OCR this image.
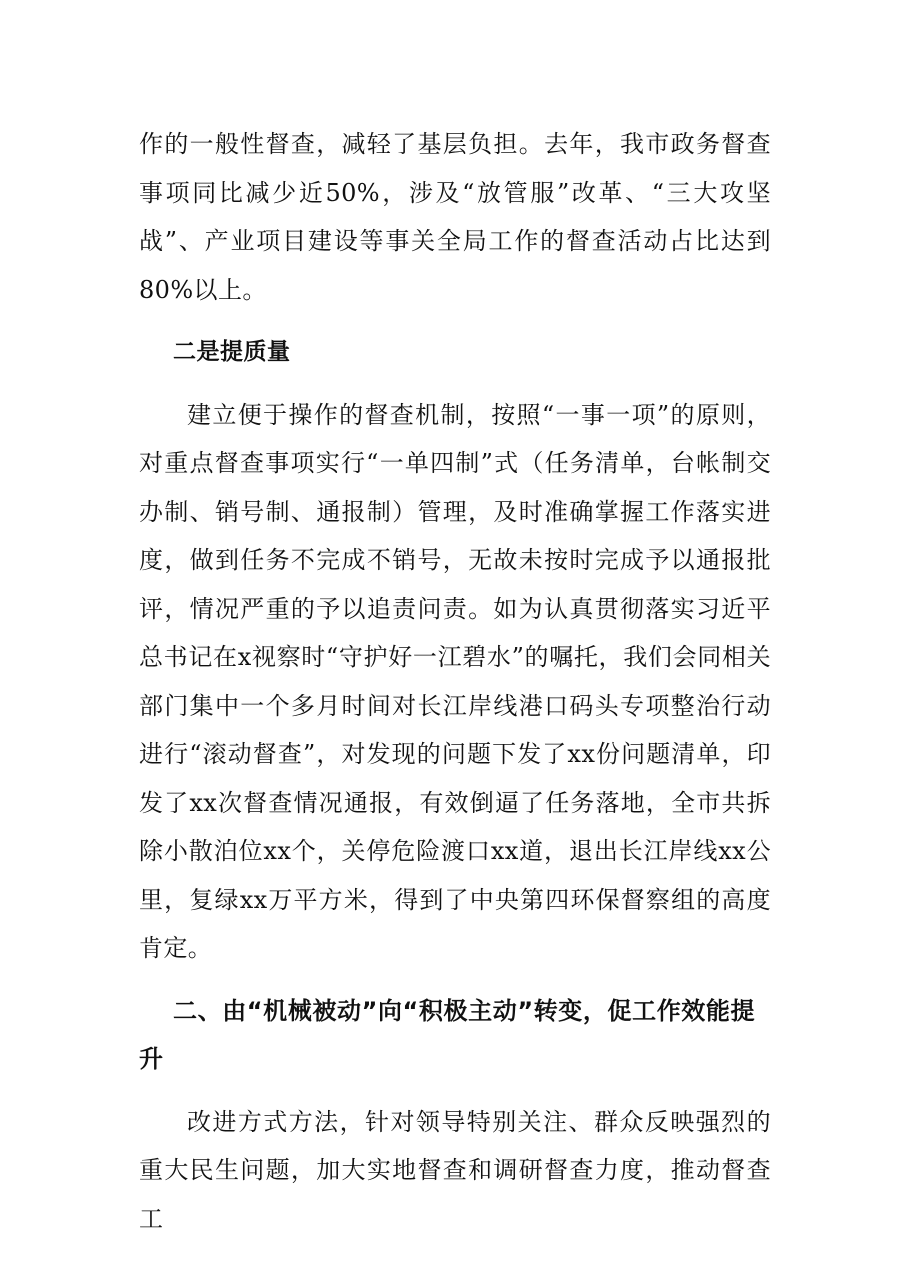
作的一般性督查，减轻了基层负担。去年，我市政务督查事项同比减少近50%，涉及“放管服”改革、“三大攻坚战”、产业项目建设等事关全局工作的督查活动占比达到80%以上。

二是提质量

建立便于操作的督查机制，按照“一事一项”的原则，对重点督查事项实行“一单四制”式（任务清单，台帐制交办制、销号制、通报制）管理，及时准确掌握工作落实进度，做到任务不完成不销号，无故未按时完成予以通报批评，情况严重的予以追责问责。如为认真贯彻落实习近平总书记在x视察时“守护好一江碧水”的嘱托，我们会同相关部门集中一个多月时间对长江岸线港口码头专项整治行动进行“滚动督查”，对发现的问题下发了xx份问题清单，印发了xx次督查情况通报，有效倒逼了任务落地，全市共拆除小散泊位xx个，关停危险渡口xx道，退出长江岸线xx公里，复绿xx万平方米，得到了中央第四环保督察组的高度肯定。

二、由“机械被动”向“积极主动”转变，促工作效能提升

改进方式方法，针对领导特别关注、群众反映强烈的重大民生问题，加大实地督查和调研督查力度，推动督查工
